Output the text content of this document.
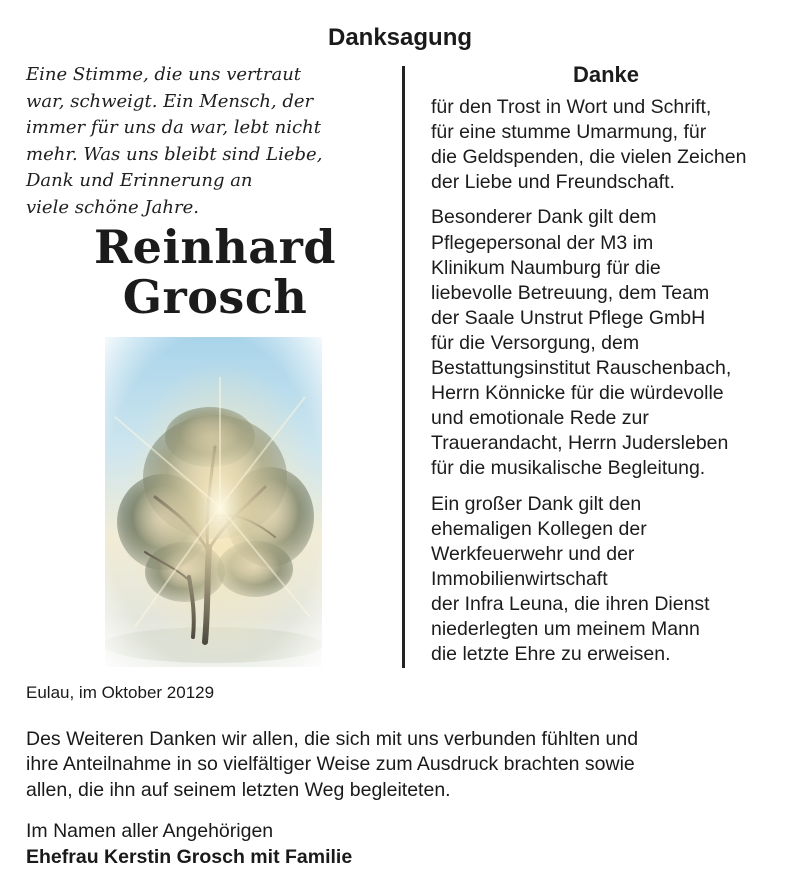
Danksagung
Eine Stimme, die uns vertraut
war, schweigt. Ein Mensch, der
immer für uns da war, lebt nicht
mehr. Was uns bleibt sind Liebe,
Dank und Erinnerung an
viele schöne Jahre.
Reinhard
Grosch
Danke
für den Trost in Wort und Schrift,
für eine stumme Umarmung, für
die Geldspenden, die vielen Zeichen
der Liebe und Freundschaft.
Besonderer Dank gilt dem
Pflegepersonal der M3 im
Klinikum Naumburg für die
liebevolle Betreuung, dem Team
der Saale Unstrut Pflege GmbH
für die Versorgung, dem
Bestattungsinstitut Rauschenbach,
Herrn Könnicke für die würdevolle
und emotionale Rede zur
Trauerandacht, Herrn Judersleben
für die musikalische Begleitung.
Ein großer Dank gilt den
ehemaligen Kollegen der
Werkfeuerwehr und der
Immobilienwirtschaft
der Infra Leuna, die ihren Dienst
niederlegten um meinem Mann
die letzte Ehre zu erweisen.
Eulau, im Oktober 20129
Des Weiteren Danken wir allen, die sich mit uns verbunden fühlten und
ihre Anteilnahme in so vielfältiger Weise zum Ausdruck brachten sowie
allen, die ihn auf seinem letzten Weg begleiteten.
Im Namen aller Angehörigen
Ehefrau Kerstin Grosch mit Familie
